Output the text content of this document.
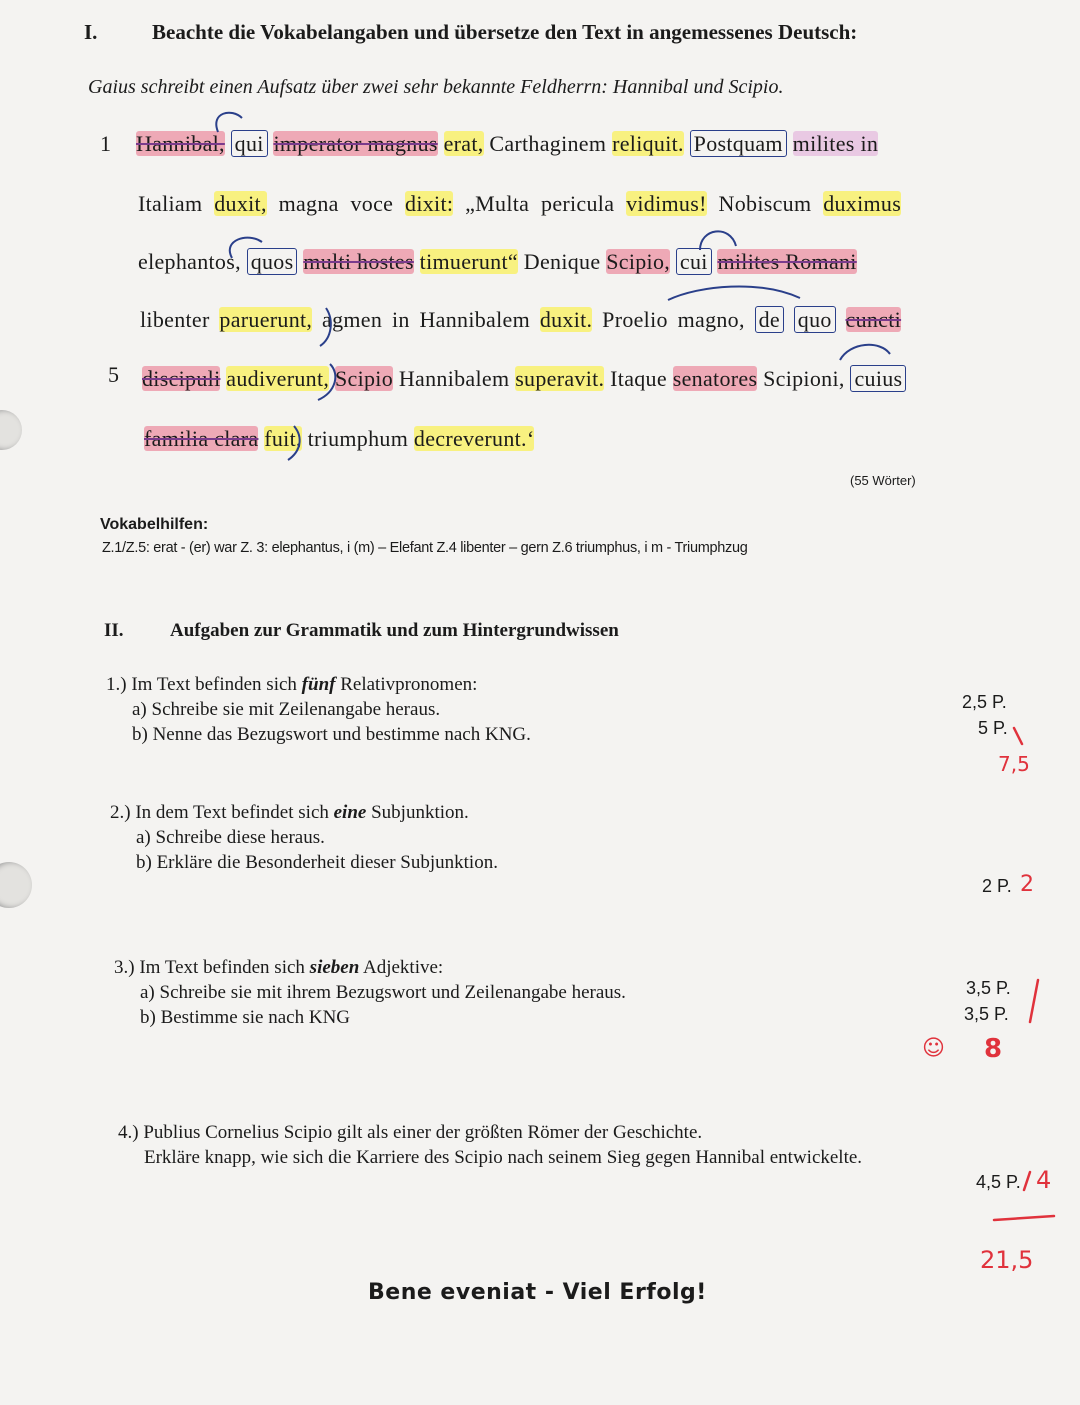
I.	Beachte die Vokabelangaben und übersetze den Text in angemessenes Deutsch:
Gaius schreibt einen Aufsatz über zwei sehr bekannte Feldherrn: Hannibal und Scipio.
1
5
Hannibal, qui imperator magnus erat, Carthaginem reliquit. Postquam milites in
Italiam duxit, magna voce dixit: „Multa pericula vidimus! Nobiscum duximus
elephantos, quos multi hostes timuerunt“ Denique Scipio, cui milites Romani
libenter paruerunt, agmen in Hannibalem duxit. Proelio magno, de quo cuncti
discipuli audiverunt, Scipio Hannibalem superavit. Itaque senatores Scipioni, cuius
familia clara fuit, triumphum decreverunt.‘
(55 Wörter)
Vokabelhilfen:
Z.1/Z.5: erat - (er) war Z. 3: elephantus, i (m) – Elefant Z.4 libenter – gern Z.6 triumphus, i m - Triumphzug
II. Aufgaben zur Grammatik und zum Hintergrundwissen
1.) Im Text befinden sich fünf Relativpronomen:
a) Schreibe sie mit Zeilenangabe heraus.
b) Nenne das Bezugswort und bestimme nach KNG.
2,5 P.
5 P.
7,5
2.) In dem Text befindet sich eine Subjunktion.
a) Schreibe diese heraus.
b) Erkläre die Besonderheit dieser Subjunktion.
2 P. 2
3.) Im Text befinden sich sieben Adjektive:
a) Schreibe sie mit ihrem Bezugswort und Zeilenangabe heraus.
b) Bestimme sie nach KNG
3,5 P.
3,5 P.
☺ 8
4.) Publius Cornelius Scipio gilt als einer der größten Römer der Geschichte.
Erkläre knapp, wie sich die Karriere des Scipio nach seinem Sieg gegen Hannibal entwickelte.
4,5 P. 4
21,5
Bene eveniat - Viel Erfolg!
